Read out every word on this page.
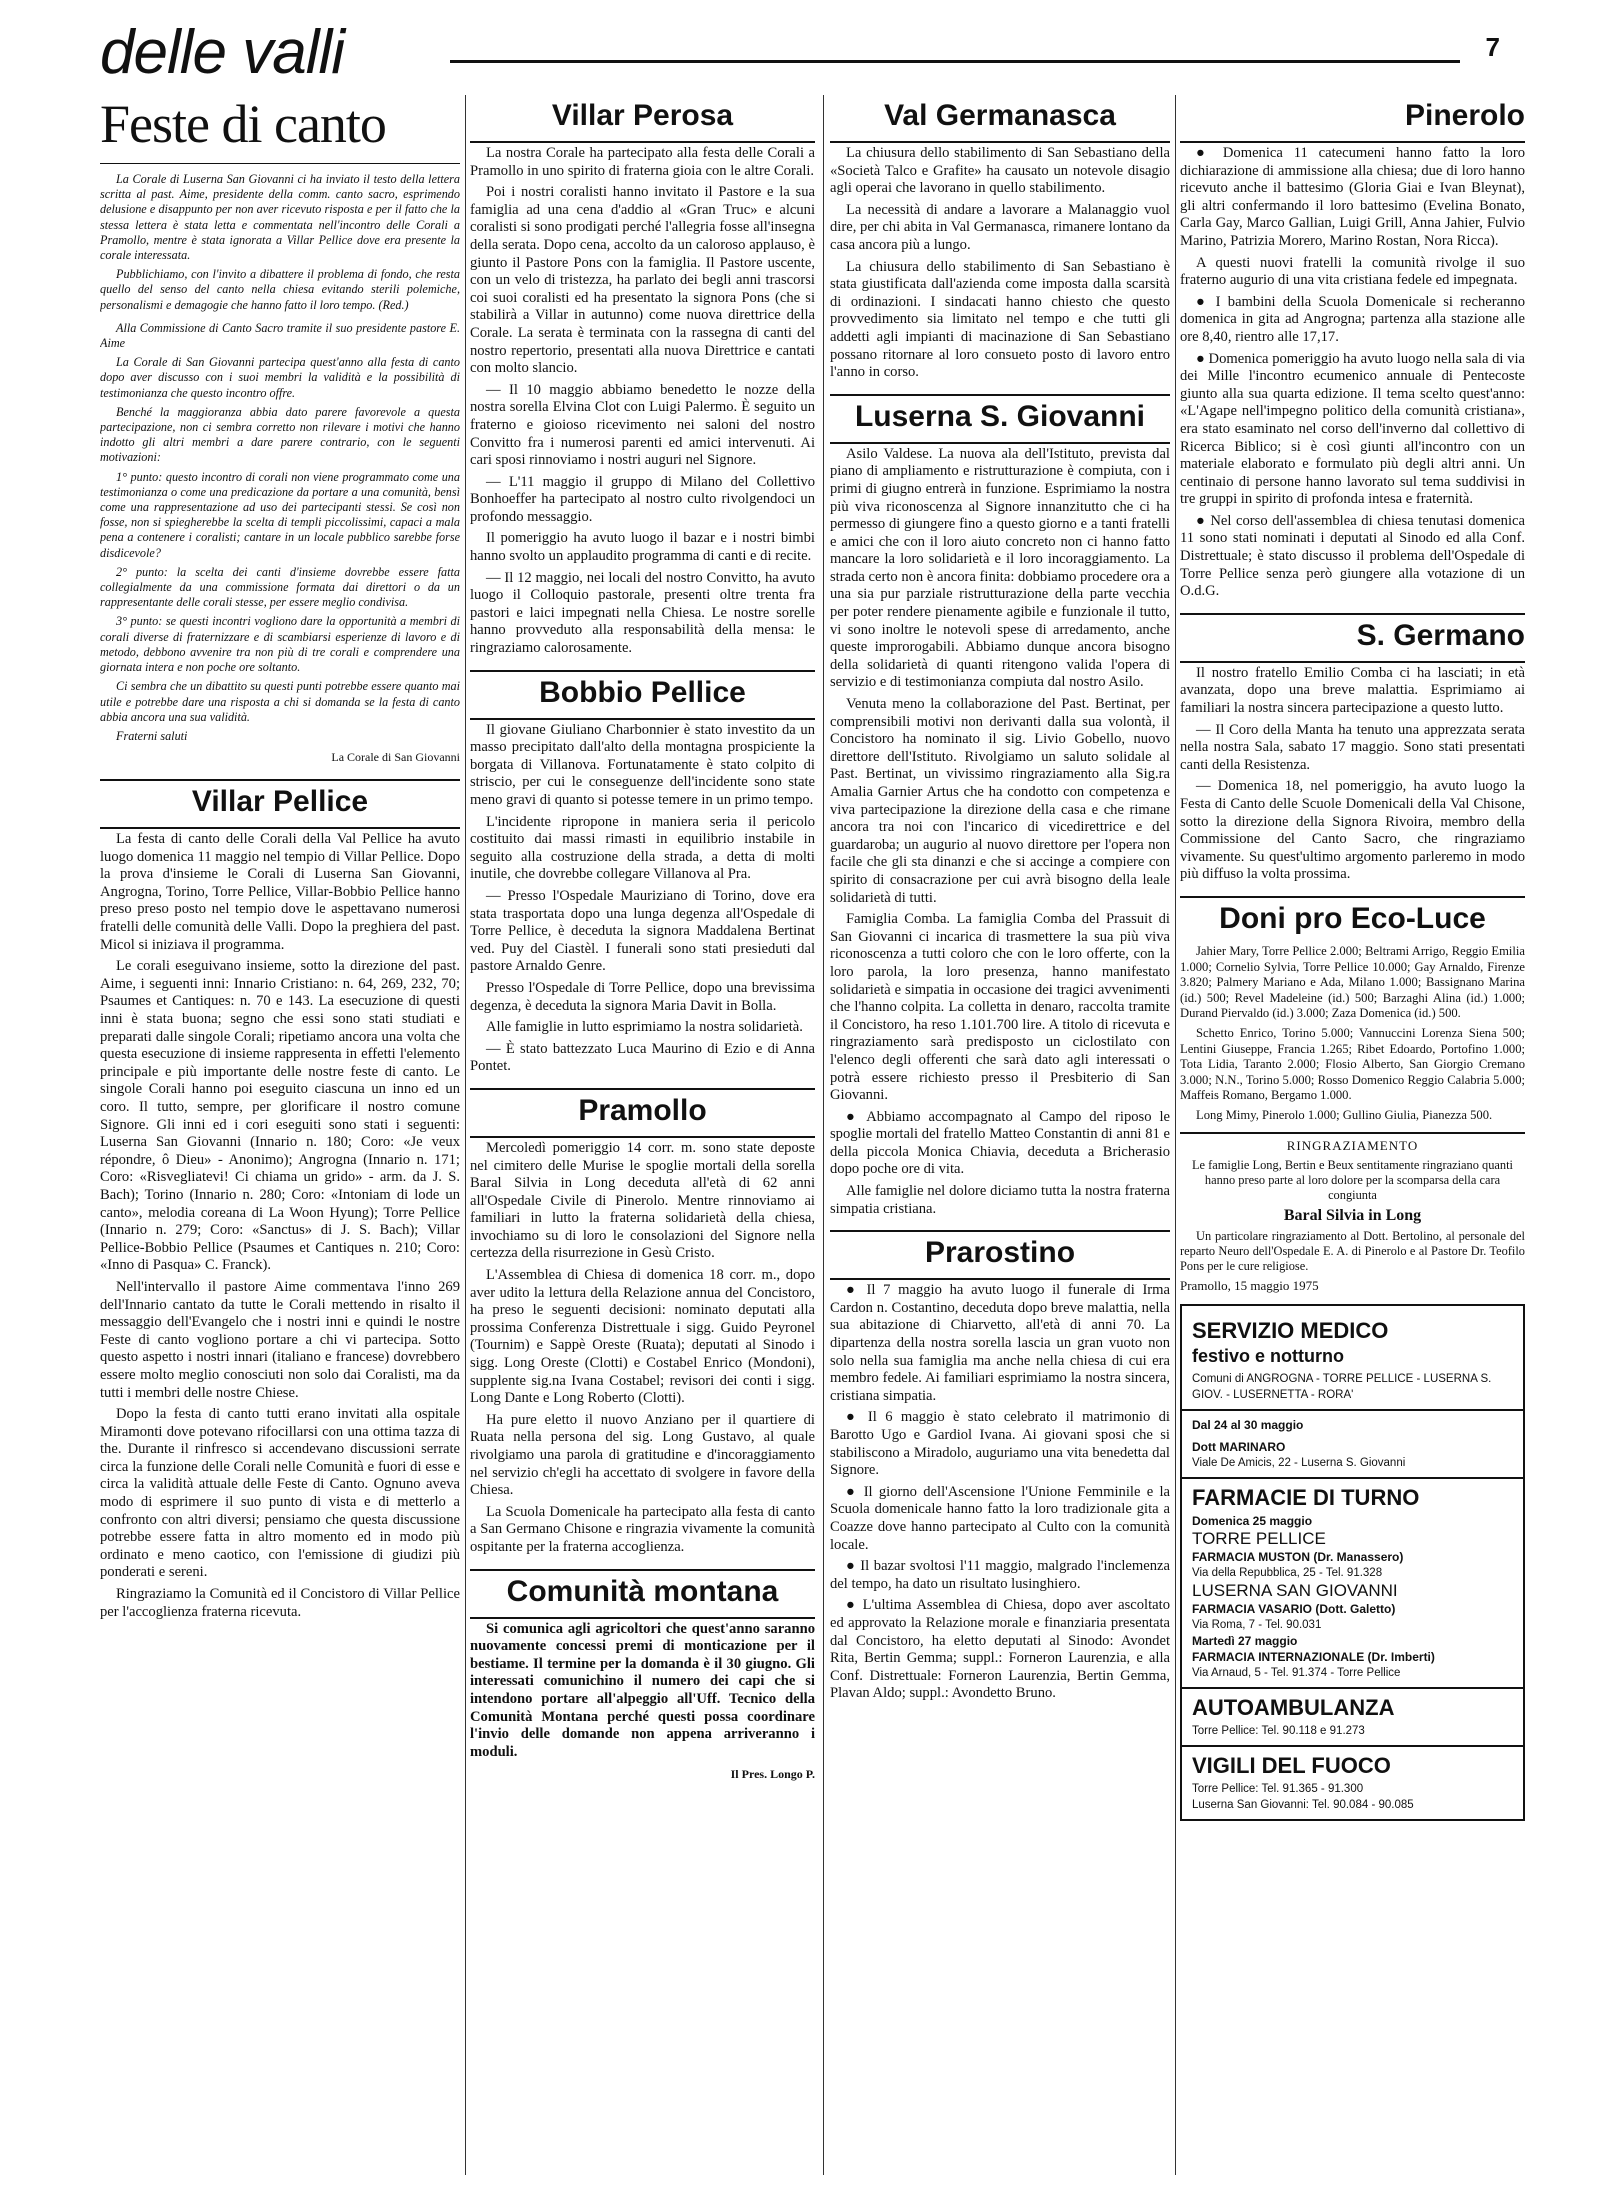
delle valli	7
Feste di canto

La Corale di Luserna San Giovanni ci ha inviato il testo della lettera scritta al past. Aime, presidente della comm. canto sacro, esprimendo delusione e disappunto per non aver ricevuto risposta e per il fatto che la stessa lettera è stata letta e commentata nell'incontro delle Corali a Pramollo, mentre è stata ignorata a Villar Pellice dove era presente la corale interessata.

Pubblichiamo, con l'invito a dibattere il problema di fondo, che resta quello del senso del canto nella chiesa evitando sterili polemiche, personalismi e demagogie che hanno fatto il loro tempo. (Red.)

Alla Commissione di Canto Sacro tramite il suo presidente pastore E. Aime

La Corale di San Giovanni partecipa quest'anno alla festa di canto dopo aver discusso con i suoi membri la validità e la possibilità di testimonianza che questo incontro offre.

Benché la maggioranza abbia dato parere favorevole a questa partecipazione, non ci sembra corretto non rilevare i motivi che hanno indotto gli altri membri a dare parere contrario, con le seguenti motivazioni:

1° punto: questo incontro di corali non viene programmato come una testimonianza o come una predicazione da portare a una comunità, bensì come una rappresentazione ad uso dei partecipanti stessi. Se così non fosse, non si spiegherebbe la scelta di templi piccolissimi, capaci a mala pena a contenere i coralisti; cantare in un locale pubblico sarebbe forse disdicevole?

2° punto: la scelta dei canti d'insieme dovrebbe essere fatta collegialmente da una commissione formata dai direttori o da un rappresentante delle corali stesse, per essere meglio condivisa.

3° punto: se questi incontri vogliono dare la opportunità a membri di corali diverse di fraternizzare e di scambiarsi esperienze di lavoro e di metodo, debbono avvenire tra non più di tre corali e comprendere una giornata intera e non poche ore soltanto.

Ci sembra che un dibattito su questi punti potrebbe essere quanto mai utile e potrebbe dare una risposta a chi si domanda se la festa di canto abbia ancora una sua validità.

Fraterni saluti

La Corale di San Giovanni
Villar Pellice

La festa di canto delle Corali della Val Pellice ha avuto luogo domenica 11 maggio nel tempio di Villar Pellice. Dopo la prova d'insieme le Corali di Luserna San Giovanni, Angrogna, Torino, Torre Pellice, Villar-Bobbio Pellice hanno preso preso posto nel tempio dove le aspettavano numerosi fratelli delle comunità delle Valli. Dopo la preghiera del past. Micol si iniziava il programma.

Le corali eseguivano insieme, sotto la direzione del past. Aime, i seguenti inni: Innario Cristiano: n. 64, 269, 232, 70; Psaumes et Cantiques: n. 70 e 143. La esecuzione di questi inni è stata buona; segno che essi sono stati studiati e preparati dalle singole Corali; ripetiamo ancora una volta che questa esecuzione di insieme rappresenta in effetti l'elemento principale e più importante delle nostre feste di canto. Le singole Corali hanno poi eseguito ciascuna un inno ed un coro. Il tutto, sempre, per glorificare il nostro comune Signore. Gli inni ed i cori eseguiti sono stati i seguenti: Luserna San Giovanni (Innario n. 180; Coro: «Je veux répondre, ô Dieu» - Anonimo); Angrogna (Innario n. 171; Coro: «Risvegliatevi! Ci chiama un grido» - arm. da J. S. Bach); Torino (Innario n. 280; Coro: «Intoniam di lode un canto», melodia coreana di La Woon Hyung); Torre Pellice (Innario n. 279; Coro: «Sanctus» di J. S. Bach); Villar Pellice-Bobbio Pellice (Psaumes et Cantiques n. 210; Coro: «Inno di Pasqua» C. Franck).

Nell'intervallo il pastore Aime commentava l'inno 269 dell'Innario cantato da tutte le Corali mettendo in risalto il messaggio dell'Evangelo che i nostri inni e quindi le nostre Feste di canto vogliono portare a chi vi partecipa. Sotto questo aspetto i nostri innari (italiano e francese) dovrebbero essere molto meglio conosciuti non solo dai Coralisti, ma da tutti i membri delle nostre Chiese.

Dopo la festa di canto tutti erano invitati alla ospitale Miramonti dove potevano rifocillarsi con una ottima tazza di the. Durante il rinfresco si accendevano discussioni serrate circa la funzione delle Corali nelle Comunità e fuori di esse e circa la validità attuale delle Feste di Canto. Ognuno aveva modo di esprimere il suo punto di vista e di metterlo a confronto con altri diversi; pensiamo che questa discussione potrebbe essere fatta in altro momento ed in modo più ordinato e meno caotico, con l'emissione di giudizi più ponderati e sereni.

Ringraziamo la Comunità ed il Concistoro di Villar Pellice per l'accoglienza fraterna ricevuta.

Villar Perosa

La nostra Corale ha partecipato alla festa delle Corali a Pramollo in uno spirito di fraterna gioia con le altre Corali.

Poi i nostri coralisti hanno invitato il Pastore e la sua famiglia ad una cena d'addio al «Gran Truc» e alcuni coralisti si sono prodigati perché l'allegria fosse all'insegna della serata. Dopo cena, accolto da un caloroso applauso, è giunto il Pastore Pons con la famiglia. Il Pastore uscente, con un velo di tristezza, ha parlato dei begli anni trascorsi coi suoi coralisti ed ha presentato la signora Pons (che si stabilirà a Villar in autunno) come nuova direttrice della Corale. La serata è terminata con la rassegna di canti del nostro repertorio, presentati alla nuova Direttrice e cantati con molto slancio.

— Il 10 maggio abbiamo benedetto le nozze della nostra sorella Elvina Clot con Luigi Palermo. È seguito un fraterno e gioioso ricevimento nei saloni del nostro Convitto fra i numerosi parenti ed amici intervenuti. Ai cari sposi rinnoviamo i nostri auguri nel Signore.

— L'11 maggio il gruppo di Milano del Collettivo Bonhoeffer ha partecipato al nostro culto rivolgendoci un profondo messaggio.

Il pomeriggio ha avuto luogo il bazar e i nostri bimbi hanno svolto un applaudito programma di canti e di recite.

— Il 12 maggio, nei locali del nostro Convitto, ha avuto luogo il Colloquio pastorale, presenti oltre trenta fra pastori e laici impegnati nella Chiesa. Le nostre sorelle hanno provveduto alla responsabilità della mensa: le ringraziamo calorosamente.

Bobbio Pellice

Il giovane Giuliano Charbonnier è stato investito da un masso precipitato dall'alto della montagna prospiciente la borgata di Villanova. Fortunatamente è stato colpito di striscio, per cui le conseguenze dell'incidente sono state meno gravi di quanto si potesse temere in un primo tempo.

L'incidente ripropone in maniera seria il pericolo costituito dai massi rimasti in equilibrio instabile in seguito alla costruzione della strada, a detta di molti inutile, che dovrebbe collegare Villanova al Pra.

— Presso l'Ospedale Mauriziano di Torino, dove era stata trasportata dopo una lunga degenza all'Ospedale di Torre Pellice, è deceduta la signora Maddalena Bertinat ved. Puy del Ciastèl. I funerali sono stati presieduti dal pastore Arnaldo Genre.

Presso l'Ospedale di Torre Pellice, dopo una brevissima degenza, è deceduta la signora Maria Davit in Bolla.

Alle famiglie in lutto esprimiamo la nostra solidarietà.

— È stato battezzato Luca Maurino di Ezio e di Anna Pontet.

Pramollo

Mercoledì pomeriggio 14 corr. m. sono state deposte nel cimitero delle Murise le spoglie mortali della sorella Baral Silvia in Long deceduta all'età di 62 anni all'Ospedale Civile di Pinerolo. Mentre rinnoviamo ai familiari in lutto la fraterna solidarietà della chiesa, invochiamo su di loro le consolazioni del Signore nella certezza della risurrezione in Gesù Cristo.

L'Assemblea di Chiesa di domenica 18 corr. m., dopo aver udito la lettura della Relazione annua del Concistoro, ha preso le seguenti decisioni: nominato deputati alla prossima Conferenza Distrettuale i sigg. Guido Peyronel (Tournim) e Sappè Oreste (Ruata); deputati al Sinodo i sigg. Long Oreste (Clotti) e Costabel Enrico (Mondoni), supplente sig.na Ivana Costabel; revisori dei conti i sigg. Long Dante e Long Roberto (Clotti).

Ha pure eletto il nuovo Anziano per il quartiere di Ruata nella persona del sig. Long Gustavo, al quale rivolgiamo una parola di gratitudine e d'incoraggiamento nel servizio ch'egli ha accettato di svolgere in favore della Chiesa.

La Scuola Domenicale ha partecipato alla festa di canto a San Germano Chisone e ringrazia vivamente la comunità ospitante per la fraterna accoglienza.

Comunità montana

Si comunica agli agricoltori che quest'anno saranno nuovamente concessi premi di monticazione per il bestiame. Il termine per la domanda è il 30 giugno. Gli interessati comunichino il numero dei capi che si intendono portare all'alpeggio all'Uff. Tecnico della Comunità Montana perché questi possa coordinare l'invio delle domande non appena arriveranno i moduli.

Il Pres. Longo P.
Val Germanasca

La chiusura dello stabilimento di San Sebastiano della «Società Talco e Grafite» ha causato un notevole disagio agli operai che lavorano in quello stabilimento.

La necessità di andare a lavorare a Malanaggio vuol dire, per chi abita in Val Germanasca, rimanere lontano da casa ancora più a lungo.

La chiusura dello stabilimento di San Sebastiano è stata giustificata dall'azienda come imposta dalla scarsità di ordinazioni. I sindacati hanno chiesto che questo provvedimento sia limitato nel tempo e che tutti gli addetti agli impianti di macinazione di San Sebastiano possano ritornare al loro consueto posto di lavoro entro l'anno in corso.

Luserna S. Giovanni

Asilo Valdese. La nuova ala dell'Istituto, prevista dal piano di ampliamento e ristrutturazione è compiuta, con i primi di giugno entrerà in funzione. Esprimiamo la nostra più viva riconoscenza al Signore innanzitutto che ci ha permesso di giungere fino a questo giorno e a tanti fratelli e amici che con il loro aiuto concreto non ci hanno fatto mancare la loro solidarietà e il loro incoraggiamento. La strada certo non è ancora finita: dobbiamo procedere ora a una sia pur parziale ristrutturazione della parte vecchia per poter rendere pienamente agibile e funzionale il tutto, vi sono inoltre le notevoli spese di arredamento, anche queste improrogabili. Abbiamo dunque ancora bisogno della solidarietà di quanti ritengono valida l'opera di servizio e di testimonianza compiuta dal nostro Asilo.

Venuta meno la collaborazione del Past. Bertinat, per comprensibili motivi non derivanti dalla sua volontà, il Concistoro ha nominato il sig. Livio Gobello, nuovo direttore dell'Istituto. Rivolgiamo un saluto solidale al Past. Bertinat, un vivissimo ringraziamento alla Sig.ra Amalia Garnier Artus che ha condotto con competenza e viva partecipazione la direzione della casa e che rimane ancora tra noi con l'incarico di vicedirettrice e del guardaroba; un augurio al nuovo direttore per l'opera non facile che gli sta dinanzi e che si accinge a compiere con spirito di consacrazione per cui avrà bisogno della leale solidarietà di tutti.

Famiglia Comba. La famiglia Comba del Prassuit di San Giovanni ci incarica di trasmettere la sua più viva riconoscenza a tutti coloro che con le loro offerte, con la loro parola, la loro presenza, hanno manifestato solidarietà e simpatia in occasione dei tragici avvenimenti che l'hanno colpita. La colletta in denaro, raccolta tramite il Concistoro, ha reso 1.101.700 lire. A titolo di ricevuta e ringraziamento sarà predisposto un ciclostilato con l'elenco degli offerenti che sarà dato agli interessati o potrà essere richiesto presso il Presbiterio di San Giovanni.

● Abbiamo accompagnato al Campo del riposo le spoglie mortali del fratello Matteo Constantin di anni 81 e della piccola Monica Chiavia, deceduta a Bricherasio dopo poche ore di vita.

Alle famiglie nel dolore diciamo tutta la nostra fraterna simpatia cristiana.

Prarostino

● Il 7 maggio ha avuto luogo il funerale di Irma Cardon n. Costantino, deceduta dopo breve malattia, nella sua abitazione di Chiarvetto, all'età di anni 70. La dipartenza della nostra sorella lascia un gran vuoto non solo nella sua famiglia ma anche nella chiesa di cui era membro fedele. Ai familiari esprimiamo la nostra sincera, cristiana simpatia.

● Il 6 maggio è stato celebrato il matrimonio di Barotto Ugo e Gardiol Ivana. Ai giovani sposi che si stabiliscono a Miradolo, auguriamo una vita benedetta dal Signore.

● Il giorno dell'Ascensione l'Unione Femminile e la Scuola domenicale hanno fatto la loro tradizionale gita a Coazze dove hanno partecipato al Culto con la comunità locale.

● Il bazar svoltosi l'11 maggio, malgrado l'inclemenza del tempo, ha dato un risultato lusinghiero.

● L'ultima Assemblea di Chiesa, dopo aver ascoltato ed approvato la Relazione morale e finanziaria presentata dal Concistoro, ha eletto deputati al Sinodo: Avondet Rita, Bertin Gemma; suppl.: Forneron Laurenzia, e alla Conf. Distrettuale: Forneron Laurenzia, Bertin Gemma, Plavan Aldo; suppl.: Avondetto Bruno.

Pinerolo

● Domenica 11 catecumeni hanno fatto la loro dichiarazione di ammissione alla chiesa; due di loro hanno ricevuto anche il battesimo (Gloria Giai e Ivan Bleynat), gli altri confermando il loro battesimo (Evelina Bonato, Carla Gay, Marco Gallian, Luigi Grill, Anna Jahier, Fulvio Marino, Patrizia Morero, Marino Rostan, Nora Ricca).

A questi nuovi fratelli la comunità rivolge il suo fraterno augurio di una vita cristiana fedele ed impegnata.

● I bambini della Scuola Domenicale si recheranno domenica in gita ad Angrogna; partenza alla stazione alle ore 8,40, rientro alle 17,17.

● Domenica pomeriggio ha avuto luogo nella sala di via dei Mille l'incontro ecumenico annuale di Pentecoste giunto alla sua quarta edizione. Il tema scelto quest'anno: «L'Agape nell'impegno politico della comunità cristiana», era stato esaminato nel corso dell'inverno dal collettivo di Ricerca Biblico; si è così giunti all'incontro con un materiale elaborato e formulato più degli altri anni. Un centinaio di persone hanno lavorato sul tema suddivisi in tre gruppi in spirito di profonda intesa e fraternità.

● Nel corso dell'assemblea di chiesa tenutasi domenica 11 sono stati nominati i deputati al Sinodo ed alla Conf. Distrettuale; è stato discusso il problema dell'Ospedale di Torre Pellice senza però giungere alla votazione di un O.d.G.

S. Germano

Il nostro fratello Emilio Comba ci ha lasciati; in età avanzata, dopo una breve malattia. Esprimiamo ai familiari la nostra sincera partecipazione a questo lutto.

— Il Coro della Manta ha tenuto una apprezzata serata nella nostra Sala, sabato 17 maggio. Sono stati presentati canti della Resistenza.

— Domenica 18, nel pomeriggio, ha avuto luogo la Festa di Canto delle Scuole Domenicali della Val Chisone, sotto la direzione della Signora Rivoira, membro della Commissione del Canto Sacro, che ringraziamo vivamente. Su quest'ultimo argomento parleremo in modo più diffuso la volta prossima.

Doni pro Eco-Luce

Jahier Mary, Torre Pellice 2.000; Beltrami Arrigo, Reggio Emilia 1.000; Cornelio Sylvia, Torre Pellice 10.000; Gay Arnaldo, Firenze 3.820; Palmery Mariano e Ada, Milano 1.000; Bassignano Marina (id.) 500; Revel Madeleine (id.) 500; Barzaghi Alina (id.) 1.000; Durand Piervaldo (id.) 3.000; Zaza Domenica (id.) 500.

Schetto Enrico, Torino 5.000; Vannuccini Lorenza Siena 500; Lentini Giuseppe, Francia 1.265; Ribet Edoardo, Portofino 1.000; Tota Lidia, Taranto 2.000; Flosio Alberto, San Giorgio Cremano 3.000; N.N., Torino 5.000; Rosso Domenico Reggio Calabria 5.000; Maffeis Romano, Bergamo 1.000.

Long Mimy, Pinerolo 1.000; Gullino Giulia, Pianezza 500.

RINGRAZIAMENTO

Le famiglie Long, Bertin e Beux sentitamente ringraziano quanti hanno preso parte al loro dolore per la scomparsa della cara congiunta

Baral Silvia in Long

Un particolare ringraziamento al Dott. Bertolino, al personale del reparto Neuro dell'Ospedale E. A. di Pinerolo e al Pastore Dr. Teofilo Pons per le cure religiose.

Pramollo, 15 maggio 1975
SERVIZIO MEDICO
festivo e notturno
Comuni di ANGROGNA - TORRE PELLICE - LUSERNA S. GIOV. - LUSERNETTA - RORA'
Dal 24 al 30 maggio
Dott MARINARO
Viale De Amicis, 22 - Luserna S. Giovanni
FARMACIE DI TURNO
Domenica 25 maggio
TORRE PELLICE
FARMACIA MUSTON (Dr. Manassero)
Via della Repubblica, 25 - Tel. 91.328
LUSERNA SAN GIOVANNI
FARMACIA VASARIO (Dott. Galetto)
Via Roma, 7 - Tel. 90.031
Martedì 27 maggio
FARMACIA INTERNAZIONALE (Dr. Imberti)
Via Arnaud, 5 - Tel. 91.374 - Torre Pellice
AUTOAMBULANZA
Torre Pellice: Tel. 90.118 e 91.273
VIGILI DEL FUOCO
Torre Pellice: Tel. 91.365 - 91.300
Luserna San Giovanni: Tel. 90.084 - 90.085
